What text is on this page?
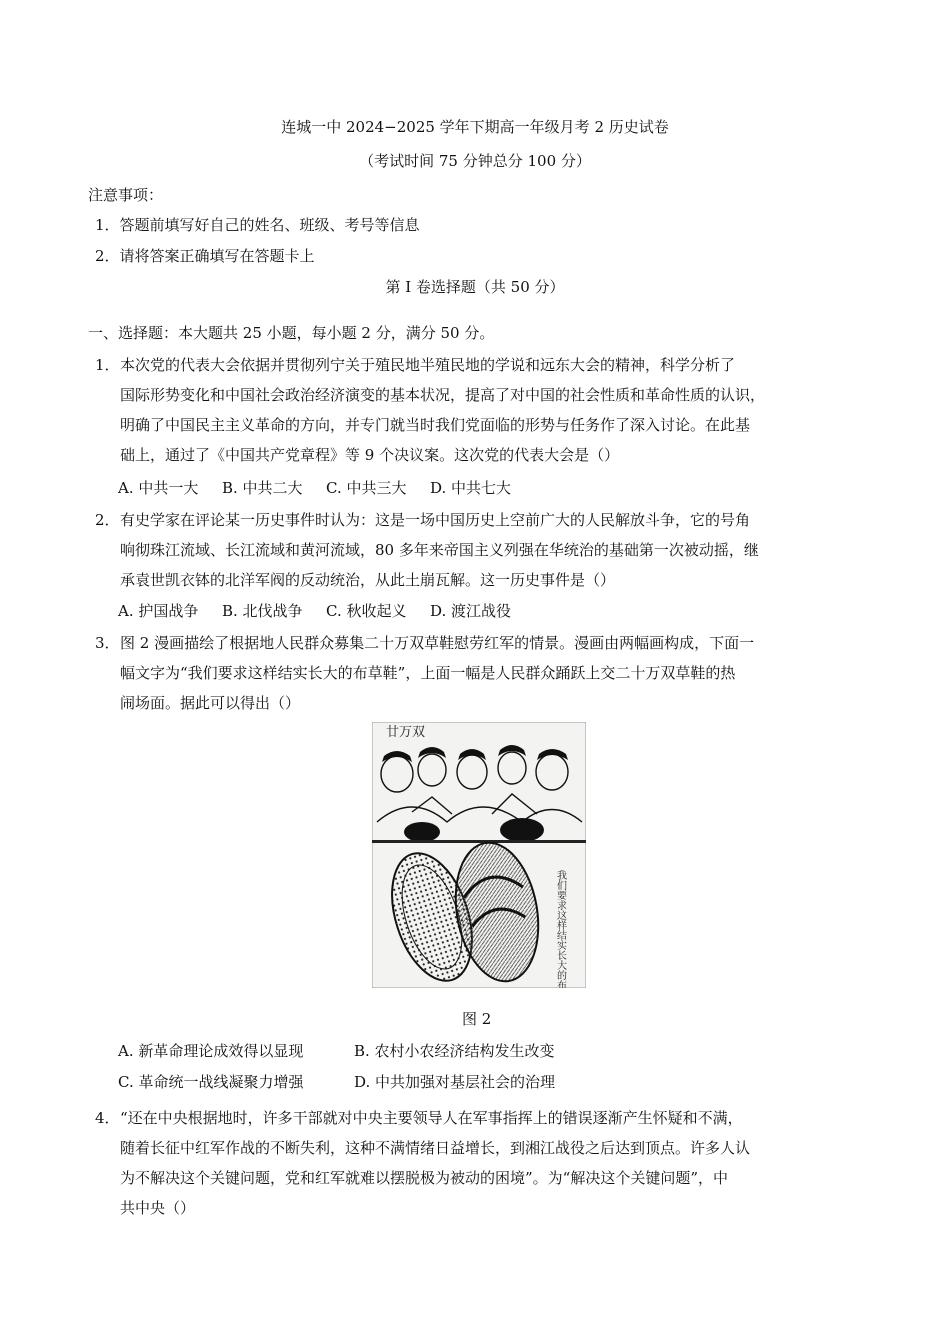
连城一中 2024−2025 学年下期高一年级月考 2 历史试卷
（考试时间 75 分钟总分 100 分）
注意事项：
1．答题前填写好自己的姓名、班级、考号等信息
2．请将答案正确填写在答题卡上
第 I 卷选择题（共 50 分）
一、选择题：本大题共 25 小题，每小题 2 分，满分 50 分。
1． 本次党的代表大会依据并贯彻列宁关于殖民地半殖民地的学说和远东大会的精神，科学分析了
国际形势变化和中国社会政治经济演变的基本状况，提高了对中国的社会性质和革命性质的认识，
明确了中国民主主义革命的方向，并专门就当时我们党面临的形势与任务作了深入讨论。在此基
础上，通过了《中国共产党章程》等 9 个决议案。这次党的代表大会是（）
A. 中共一大 B. 中共二大 C. 中共三大 D. 中共七大
2． 有史学家在评论某一历史事件时认为：这是一场中国历史上空前广大的人民解放斗争，它的号角
响彻珠江流域、长江流域和黄河流域，80 多年来帝国主义列强在华统治的基础第一次被动摇，继
承袁世凯衣钵的北洋军阀的反动统治，从此土崩瓦解。这一历史事件是（）
A. 护国战争 B. 北伐战争 C. 秋收起义 D. 渡江战役
3． 图 2 漫画描绘了根据地人民群众募集二十万双草鞋慰劳红军的情景。漫画由两幅画构成，下面一
幅文字为“我们要求这样结实长大的布草鞋”，上面一幅是人民群众踊跃上交二十万双草鞋的热
闹场面。据此可以得出（）
廿万双
我们要求这样结实长大的布草鞋！
图 2
A. 新革命理论成效得以显现	B. 农村小农经济结构发生改变
C. 革命统一战线凝聚力增强	D. 中共加强对基层社会的治理
4． “还在中央根据地时，许多干部就对中央主要领导人在军事指挥上的错误逐渐产生怀疑和不满，
随着长征中红军作战的不断失利，这种不满情绪日益增长，到湘江战役之后达到顶点。许多人认
为不解决这个关键问题，党和红军就难以摆脱极为被动的困境”。为“解决这个关键问题”，中
共中央（）
